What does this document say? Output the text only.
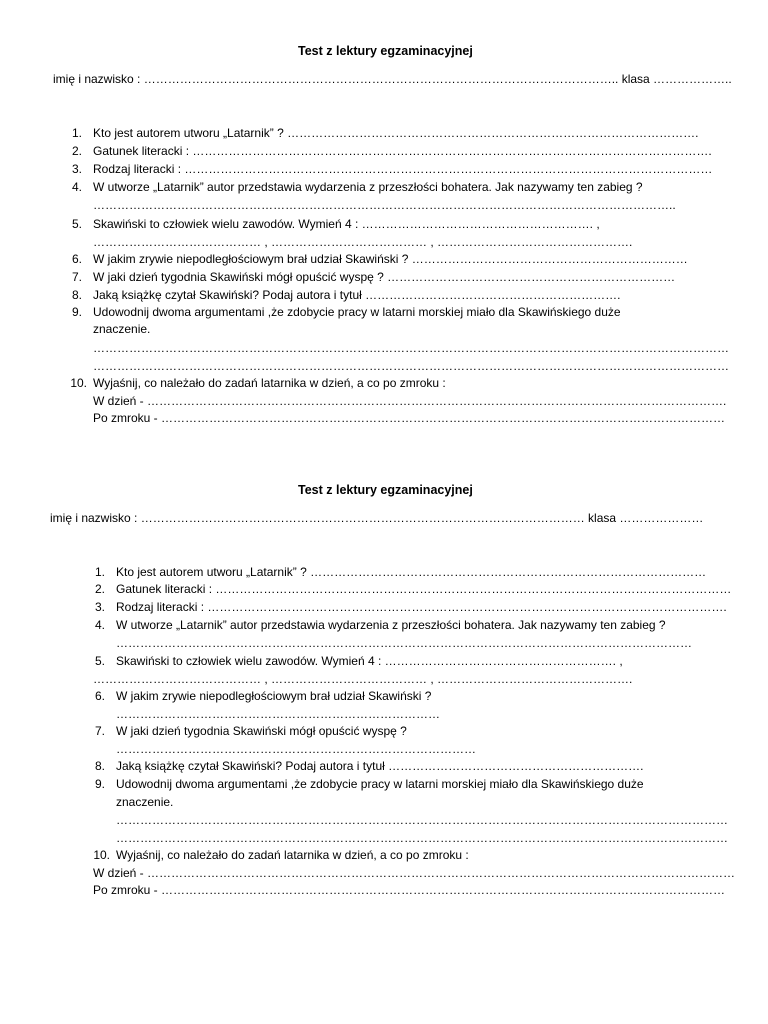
Test z lektury egzaminacyjnej
imię i nazwisko : ……………………………………………………………………………………………………….. klasa ………………..
1. Kto jest autorem utworu „Latarnik” ? ………………………………………………………………………………………….
2. Gatunek literacki : ………………………………………………………………………………………………………………….
3. Rodzaj literacki : ……………………………………………………………………………………………………………………
4. W utworze „Latarnik” autor przedstawia wydarzenia z przeszłości bohatera. Jak nazywamy ten zabieg ?
………………………………………………………………………………………………………………………………..
5. Skawiński to człowiek wielu zawodów. Wymień 4 : …………………………………………………. ,
…………………………………… , ………………………………… , ………………………………………….
6. W jakim zrywie niepodległościowym brał udział Skawiński ? ……………………………………………………………
7. W jaki dzień tygodnia Skawiński mógł opuścić wyspę ? ………………………………………………………………
8. Jaką książkę czytał Skawiński? Podaj autora i tytuł ……………………………………………………….
9. Udowodnij dwoma argumentami ,że zdobycie pracy w latarni morskiej miało dla Skawińskiego duże
znaczenie.
……………………………………………………………………………………………………………………………………………
……………………………………………………………………………………………………………………………………………
10. Wyjaśnij, co należało do zadań latarnika w dzień, a co po zmroku :
W dzień - ……………………………………………………………………………………………………………………………….
Po zmroku - ……………………………………………………………………………………………………………………………
Test z lektury egzaminacyjnej
imię i nazwisko : ………………………………………………………………………………………………… klasa …………………
1. Kto jest autorem utworu „Latarnik” ? ………………………………………………………………………………………
2. Gatunek literacki : …………………………………………………………………………………………………………………
3. Rodzaj literacki : ………………………………………………………………………………………………………………….
4. W utworze „Latarnik” autor przedstawia wydarzenia z przeszłości bohatera. Jak nazywamy ten zabieg ?
………………………………………………………………………………………………………………………………
5. Skawiński to człowiek wielu zawodów. Wymień 4 : …………………………………………………. ,
…………………………………… , ………………………………… , ………………………………………….
6. W jakim zrywie niepodległościowym brał udział Skawiński ?
………………………………………………………………………
7. W jaki dzień tygodnia Skawiński mógł opuścić wyspę ?
………………………………………………………………………………
8. Jaką książkę czytał Skawiński? Podaj autora i tytuł ……………………………………………………….
9. Udowodnij dwoma argumentami ,że zdobycie pracy w latarni morskiej miało dla Skawińskiego duże
znaczenie.
………………………………………………………………………………………………………………………………………
………………………………………………………………………………………………………………………………………
10. Wyjaśnij, co należało do zadań latarnika w dzień, a co po zmroku :
W dzień - …………………………………………………………………………………………………………………………………
Po zmroku - ……………………………………………………………………………………………………………………………
